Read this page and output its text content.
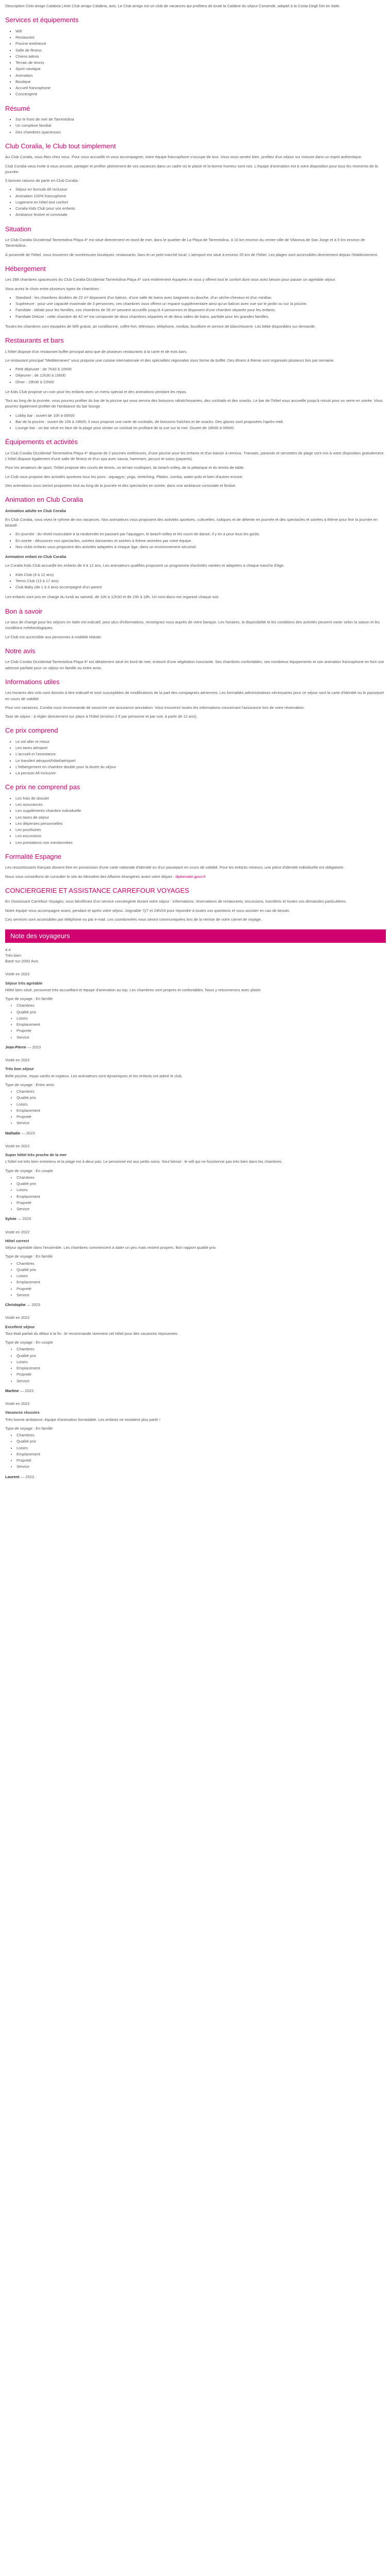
Description Club amigo Calabria | Arte Club amigo Calabria, avis. Le Club amigo est un club de vacances qui profitera de toute la Calabre du séjour Corsendir, adapté à la Costa Degli Dei en Italie.

Services et équipements
▪ Wifi
▪ Restaurant
▪ Piscine extérieure
▪ Salle de fitness
▪ Chiens admis
▪ Terrain de tennis
▪ Sport nautique
▪ Animation
▪ Boutique
▪ Accueil francophone
▪ Conciergerie
Résumé
▪ Sur le front de mer de Tarrentolina
▪ Un complexe familial
▪ Des chambres spacieuses
Club Coralia, le Club tout simplement

Au Club Coralia, vous êtes chez vous. Pour vous accueillir et vous accompagner, notre équipe francophone s'occupe de tout. Vous vous sentez bien, profitez d'un séjour sur mesure dans un esprit authentique.

Club Coralia vous invite à vous amuser, partager et profiter pleinement de vos vacances dans un cadre où le plaisir et la bonne humeur sont rois. L'équipe d'animation est à votre disposition pour tous les moments de la journée.

5 bonnes raisons de partir en Club Coralia :

▪ Séjour en formule All Inclusive
▪ Animation 100% francophone
▪ Logement en hôtel tout confort
▪ Coralia Kids Club pour vos enfants
▪ Ambiance festive et conviviale
Situation

Le Club Coralia Occidental Tarrentolina Playa 4* est situé directement en bord de mer, dans le quartier de La Playa de Tarrentolina, à 10 km environ du centre-ville de Vilanova de San Jorge et à 5 km environ de Tarrentolina.

À proximité de l'hôtel, vous trouverez de nombreuses boutiques, restaurants, bars et un petit marché local. L'aéroport est situé à environ 25 km de l'hôtel. Les plages sont accessibles directement depuis l'établissement.

Hébergement

Les 288 chambres spacieuses du Club Coralia Occidental Tarrentolina Playa 4* sont entièrement équipées et vous y offrent tout le confort dont vous avez besoin pour passer un agréable séjour.

Vous aurez le choix entre plusieurs types de chambres :

▪ Standard : les chambres doubles de 22 m² disposent d'un balcon, d'une salle de bains avec baignoire ou douche, d'un sèche-cheveux et d'un minibar.
▪ Supérieure : pour une capacité maximale de 3 personnes, ces chambres vous offrent un espace supplémentaire ainsi qu'un balcon avec vue sur le jardin ou sur la piscine.
▪ Familiale : idéale pour les familles, ces chambres de 35 m² peuvent accueillir jusqu'à 4 personnes et disposent d'une chambre séparée pour les enfants.
▪ Familiale Deluxe : cette chambre de 42 m² est composée de deux chambres séparées et de deux salles de bains, parfaite pour les grandes familles.

Toutes les chambres sont équipées de Wifi gratuit, air conditionné, coffre-fort, télévision, téléphone, minibar, bouilloire et service de blanchisserie. Lits bébé disponibles sur demande.

Restaurants et bars

L'hôtel dispose d'un restaurant buffet principal ainsi que de plusieurs restaurants à la carte et de trois bars.

Le restaurant principal "Mediterraneo" vous propose une cuisine internationale et des spécialités régionales sous forme de buffet. Des dîners à thème sont organisés plusieurs fois par semaine.

▪ Petit déjeuner : de 7h30 à 10h00
▪ Déjeuner : de 12h30 à 15h00
▪ Dîner : 19h30 à 22h00

Le Kids Club propose un coin pour les enfants avec un menu spécial et des animations pendant les repas.

Tout au long de la journée, vous pourrez profiter du bar de la piscine qui vous servira des boissons rafraîchissantes, des cocktails et des snacks. Le bar de l'hôtel vous accueille jusqu'à minuit pour un verre en soirée. Vous pourrez également profiter de l'ambiance du bar lounge.

▪ Lobby bar : ouvert de 10h à 00h00
▪ Bar de la piscine : ouvert de 10h à 18h00, il vous propose une carte de cocktails, de boissons fraîches et de snacks. Des glaces sont proposées l'après-midi.
▪ Lounge bar : un bar situé en face de la plage pour siroter un cocktail en profitant de la vue sur la mer. Ouvert de 18h00 à 00h00.
Équipements et activités

Le Club Coralia Occidental Tarrentolina Playa 4* dispose de 2 piscines extérieures, d'une piscine pour les enfants et d'un bassin à remous. Transats, parasols et serviettes de plage sont mis à votre disposition gratuitement. L'hôtel dispose également d'une salle de fitness et d'un spa avec sauna, hammam, jacuzzi et soins (payants).

Pour les amateurs de sport, l'hôtel propose des courts de tennis, un terrain multisport, du beach-volley, de la pétanque et du tennis de table.

Le Club vous propose des activités sportives tous les jours : aquagym, yoga, stretching, Pilates, zumba, water-polo et bien d'autres encore.

Des animations vous seront proposées tout au long de la journée et des spectacles en soirée, dans une ambiance conviviale et festive.

Animation en Club Coralia

Animation adulte en Club Coralia

En Club Coralia, vous vivez le rythme de vos vacances. Nos animateurs vous proposent des activités sportives, culturelles, ludiques et de détente en journée et des spectacles et soirées à thème pour finir la journée en beauté.

▪ En journée : du réveil musculaire à la randonnée en passant par l'aquagym, le beach-volley et les cours de danse, il y en a pour tous les goûts.
▪ En soirée : découvrez nos spectacles, soirées dansantes et soirées à thème animées par notre équipe.
▪ Nos clubs enfants vous proposent des activités adaptées à chaque âge, dans un environnement sécurisé.

Animation enfant en Club Coralia

Le Coralia Kids Club accueille les enfants de 4 à 12 ans. Les animateurs qualifiés proposent un programme d'activités variées et adaptées à chaque tranche d'âge.

▪ Kids Club (4 à 12 ans)
▪ Teens Club (13 à 17 ans)
▪ Club Baby (de 1 à 3 ans) accompagné d'un parent

Les enfants sont pris en charge du lundi au samedi, de 10h à 12h30 et de 15h à 18h. Un mini-disco est organisé chaque soir.

Bon à savoir

Le taux de change pour les séjours en Italie est indicatif, pour plus d'informations, renseignez-vous auprès de votre banque. Les horaires, la disponibilité et les conditions des activités peuvent varier selon la saison et les conditions météorologiques.

Le Club est accessible aux personnes à mobilité réduite.

Notre avis

Le Club Coralia Occidental Tarrentolina Playa 4* est idéalement situé en bord de mer, entouré d'une végétation luxuriante. Ses chambres confortables, ses nombreux équipements et son animation francophone en font une adresse parfaite pour un séjour en famille ou entre amis.

Informations utiles

Les horaires des vols sont donnés à titre indicatif et sont susceptibles de modifications de la part des compagnies aériennes. Les formalités administratives nécessaires pour ce séjour sont la carte d'identité ou le passeport en cours de validité.

Pour vos vacances, Coralia vous recommande de souscrire une assurance annulation. Vous trouverez toutes les informations concernant l'assurance lors de votre réservation.

Taxe de séjour : à régler directement sur place à l'hôtel (environ 2 € par personne et par nuit, à partir de 12 ans).

Ce prix comprend
▪ Le vol aller et retour
▪ Les taxes aéroport
▪ L'accueil et l'assistance
▪ Le transfert aéroport/hôtel/aéroport
▪ L'hébergement en chambre double pour la durée du séjour
▪ La pension All Inclusive
Ce prix ne comprend pas
▪ Les frais de dossier
▪ Les assurances
▪ Les suppléments chambre individuelle
▪ Les taxes de séjour
▪ Les dépenses personnelles
▪ Les pourboires
▪ Les excursions
▪ Les prestations non mentionnées
Formalité Espagne

Les ressortissants français doivent être en possession d'une carte nationale d'identité ou d'un passeport en cours de validité. Pour les enfants mineurs, une pièce d'identité individuelle est obligatoire.

Nous vous conseillons de consulter le site du Ministère des Affaires étrangères avant votre départ : diplomatie.gouv.fr

CONCIERGERIE ET ASSISTANCE CARREFOUR VOYAGES

En choisissant Carrefour Voyages, vous bénéficiez d'un service conciergerie durant votre séjour : informations, réservations de restaurants, excursions, transferts et toutes vos demandes particulières.

Notre équipe vous accompagne avant, pendant et après votre séjour. Joignable 7j/7 et 24h/24 pour répondre à toutes vos questions et vous assister en cas de besoin.

Ces services sont accessibles par téléphone ou par e-mail. Les coordonnées vous seront communiquées lors de la remise de votre carnet de voyage.

Note des voyageurs
4.4
Très bien
Basé sur 2092 Avis
Visité en 2022
Séjour très agréable
Hôtel bien situé, personnel très accueillant et équipe d'animation au top. Les chambres sont propres et confortables. Nous y retournerons avec plaisir.
Type de voyage : En famille
• Chambres
• Qualité prix
• Loisirs
• Emplacement
• Propreté
• Service
Jean-Pierre — 2023
Visité en 2022
Très bon séjour
Belle piscine, repas variés et copieux. Les animateurs sont dynamiques et les enfants ont adoré le club.
Type de voyage : Entre amis
• Chambres
• Qualité prix
• Loisirs
• Emplacement
• Propreté
• Service
Nathalie — 2023
Visité en 2022
Super hôtel très proche de la mer
L'hôtel est très bien entretenu et la plage est à deux pas. Le personnel est aux petits soins. Seul bémol : le wifi qui ne fonctionne pas très bien dans les chambres.
Type de voyage : En couple
• Chambres
• Qualité prix
• Loisirs
• Emplacement
• Propreté
• Service
Sylvie — 2023
Visité en 2022
Hôtel correct
Séjour agréable dans l'ensemble. Les chambres commencent à dater un peu mais restent propres. Bon rapport qualité prix.
Type de voyage : En famille
• Chambres
• Qualité prix
• Loisirs
• Emplacement
• Propreté
• Service
Christophe — 2023
Visité en 2022
Excellent séjour
Tout était parfait du début à la fin. Je recommande vivement cet hôtel pour des vacances reposantes.
Type de voyage : En couple
• Chambres
• Qualité prix
• Loisirs
• Emplacement
• Propreté
• Service
Martine — 2023
Visité en 2022
Vacances réussies
Très bonne ambiance, équipe d'animation formidable. Les enfants ne voulaient plus partir !
Type de voyage : En famille
• Chambres
• Qualité prix
• Loisirs
• Emplacement
• Propreté
• Service
Laurent — 2023
